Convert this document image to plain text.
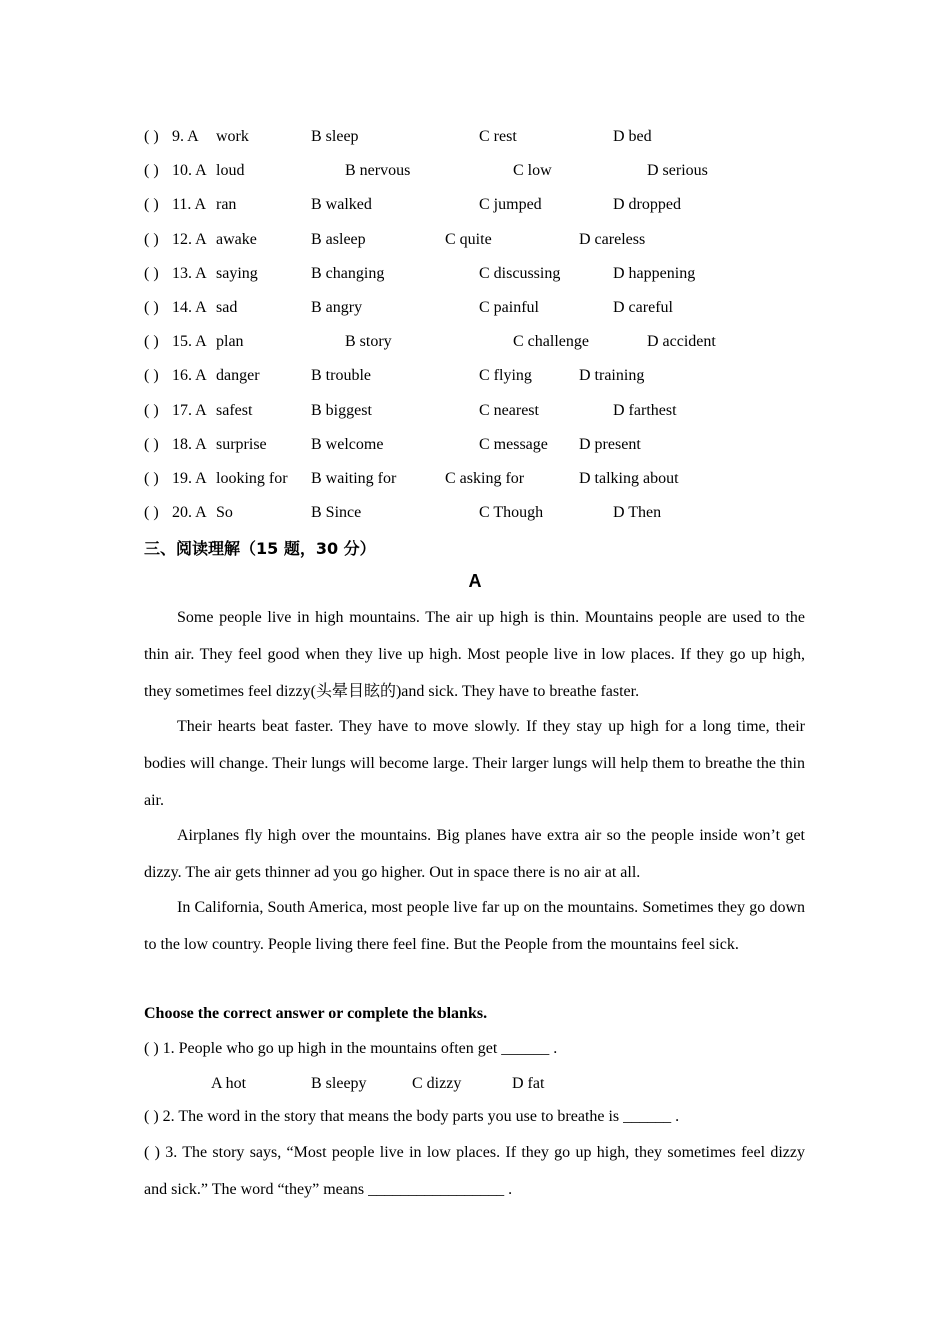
( ) 9. A work	B sleep	C rest	D bed
( ) 10. A loud	B nervous	C low	D serious
( ) 11. A ran	B walked	C jumped	D dropped
( ) 12. A awake	B asleep	C quite	D careless
( ) 13. A saying	B changing	C discussing	D happening
( ) 14. A sad	B angry	C painful	D careful
( ) 15. A plan	B story	C challenge	D accident
( ) 16. A danger	B trouble	C flying	D training
( ) 17. A safest	B biggest	C nearest	D farthest
( ) 18. A surprise	B welcome	C message D present
( ) 19. A looking for B waiting for	C asking for	D talking about
( ) 20. A So	B Since	C Though	D Then
三、阅读理解（15 题，30 分）
A

Some people live in high mountains. The air up high is thin. Mountains people are used to the thin air. They feel good when they live up high. Most people live in low places. If they go up high, they sometimes feel dizzy(头晕目眩的)and sick. They have to breathe faster.

Their hearts beat faster. They have to move slowly. If they stay up high for a long time, their bodies will change. Their lungs will become large. Their larger lungs will help them to breathe the thin air.

Airplanes fly high over the mountains. Big planes have extra air so the people inside won’t get dizzy. The air gets thinner ad you go higher. Out in space there is no air at all.

In California, South America, most people live far up on the mountains. Sometimes they go down to the low country. People living there feel fine. But the People from the mountains feel sick.

Choose the correct answer or complete the blanks.
( ) 1. People who go up high in the mountains often get ______ .
A hot	B sleepy	C dizzy	D fat
( ) 2. The word in the story that means the body parts you use to breathe is ______ .

( ) 3. The story says, “Most people live in low places. If they go up high, they sometimes feel dizzy and sick.” The word “they” means _________________ .
